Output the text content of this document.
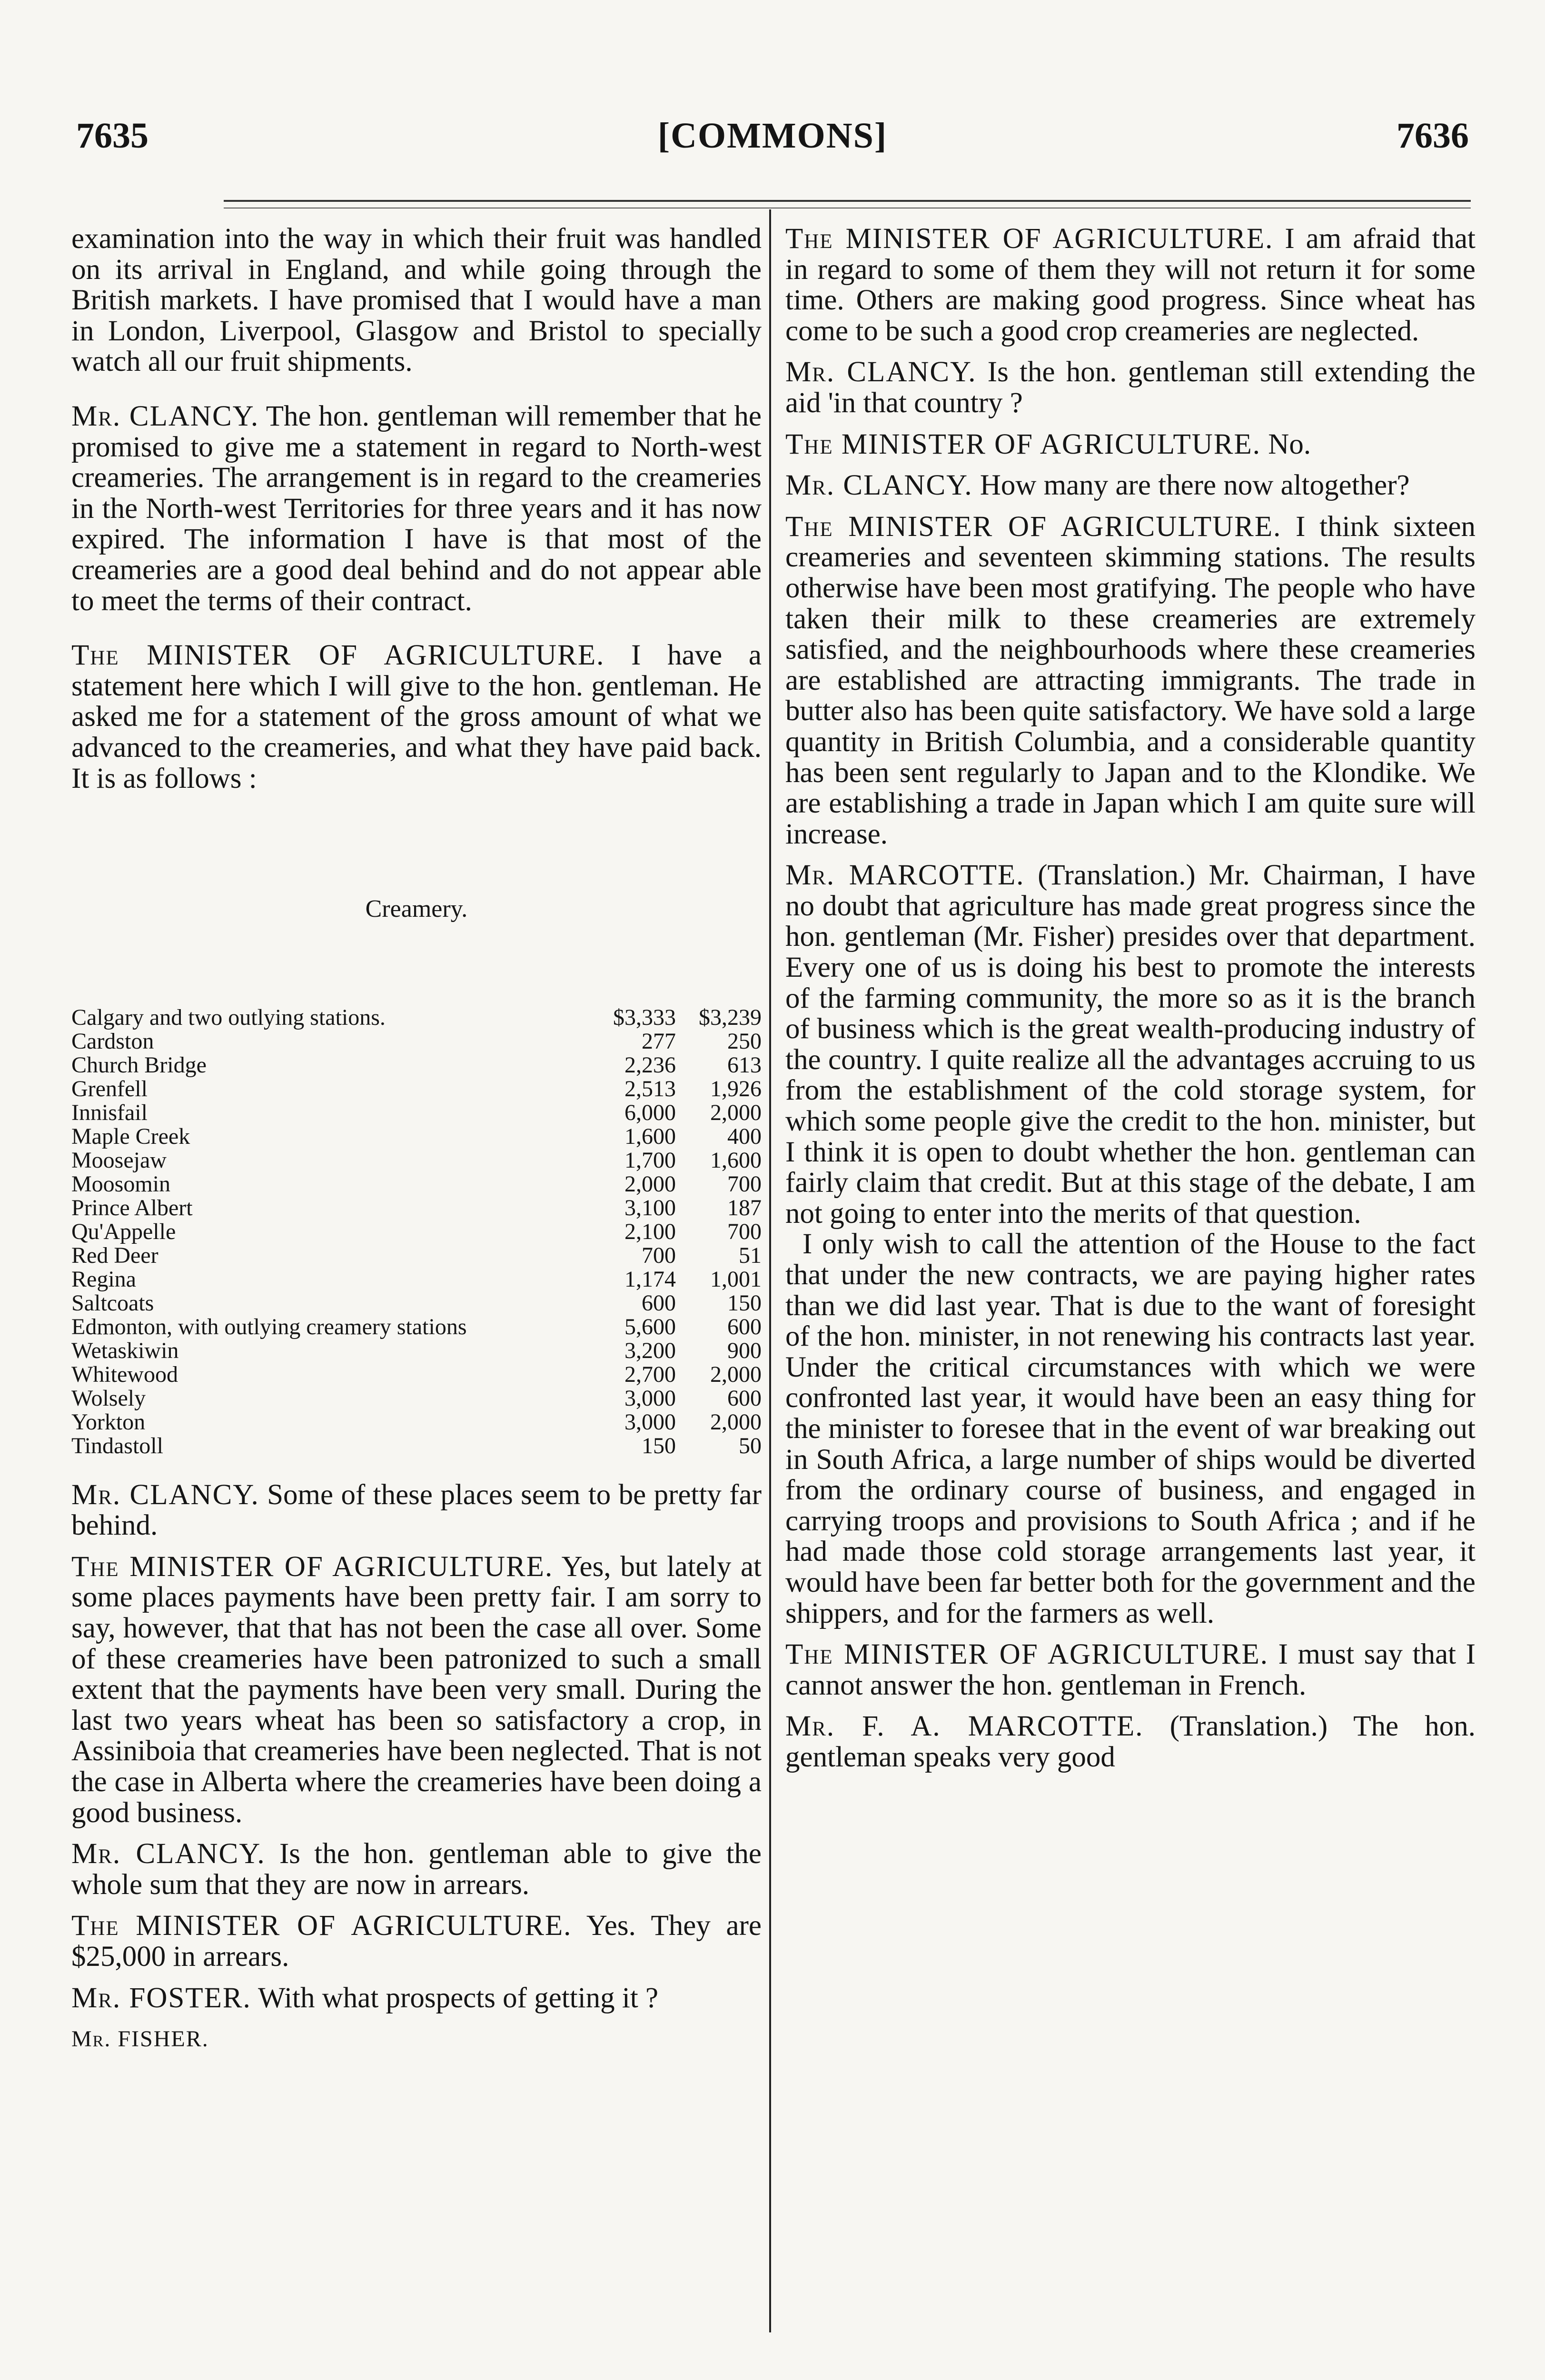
7635	[COMMONS]	7636

examination into the way in which their fruit was handled on its arrival in England, and while going through the British markets. I have promised that I would have a man in London, Liverpool, Glasgow and Bristol to specially watch all our fruit shipments.

Mr. CLANCY. The hon. gentleman will remember that he promised to give me a statement in regard to North-west creameries. The arrangement is in regard to the creameries in the North-west Territories for three years and it has now expired. The information I have is that most of the creameries are a good deal behind and do not appear able to meet the terms of their contract.

The MINISTER OF AGRICULTURE. I have a statement here which I will give to the hon. gentleman. He asked me for a statement of the gross amount of what we advanced to the creameries, and what they have paid back. It is as follows :

Creamery.
Calgary and two outlying stations.	$3,333	$3,239
Cardston	277	250
Church Bridge	2,236	613
Grenfell	2,513	1,926
Innisfail	6,000	2,000
Maple Creek	1,600	400
Moosejaw	1,700	1,600
Moosomin	2,000	700
Prince Albert	3,100	187
Qu'Appelle	2,100	700
Red Deer	700	51
Regina	1,174	1,001
Saltcoats	600	150
Edmonton, with outlying creamery stations	5,600	600
Wetaskiwin	3,200	900
Whitewood	2,700	2,000
Wolsely	3,000	600
Yorkton	3,000	2,000
Tindastoll	150	50

Mr. CLANCY. Some of these places seem to be pretty far behind.

The MINISTER OF AGRICULTURE. Yes, but lately at some places payments have been pretty fair. I am sorry to say, however, that that has not been the case all over. Some of these creameries have been patronized to such a small extent that the payments have been very small. During the last two years wheat has been so satisfactory a crop, in Assiniboia that creameries have been neglected. That is not the case in Alberta where the creameries have been doing a good business.

Mr. CLANCY. Is the hon. gentleman able to give the whole sum that they are now in arrears.

The MINISTER OF AGRICULTURE. Yes. They are $25,000 in arrears.

Mr. FOSTER. With what prospects of getting it ?

Mr. FISHER.

The MINISTER OF AGRICULTURE. I am afraid that in regard to some of them they will not return it for some time. Others are making good progress. Since wheat has come to be such a good crop creameries are neglected.

Mr. CLANCY. Is the hon. gentleman still extending the aid 'in that country ?

The MINISTER OF AGRICULTURE. No.

Mr. CLANCY. How many are there now altogether?

The MINISTER OF AGRICULTURE. I think sixteen creameries and seventeen skimming stations. The results otherwise have been most gratifying. The people who have taken their milk to these creameries are extremely satisfied, and the neighbourhoods where these creameries are established are attracting immigrants. The trade in butter also has been quite satisfactory. We have sold a large quantity in British Columbia, and a considerable quantity has been sent regularly to Japan and to the Klondike. We are establishing a trade in Japan which I am quite sure will increase.

Mr. MARCOTTE. (Translation.) Mr. Chairman, I have no doubt that agriculture has made great progress since the hon. gentleman (Mr. Fisher) presides over that department. Every one of us is doing his best to promote the interests of the farming community, the more so as it is the branch of business which is the great wealth-producing industry of the country. I quite realize all the advantages accruing to us from the establishment of the cold storage system, for which some people give the credit to the hon. minister, but I think it is open to doubt whether the hon. gentleman can fairly claim that credit. But at this stage of the debate, I am not going to enter into the merits of that question.

I only wish to call the attention of the House to the fact that under the new contracts, we are paying higher rates than we did last year. That is due to the want of foresight of the hon. minister, in not renewing his contracts last year. Under the critical circumstances with which we were confronted last year, it would have been an easy thing for the minister to foresee that in the event of war breaking out in South Africa, a large number of ships would be diverted from the ordinary course of business, and engaged in carrying troops and provisions to South Africa ; and if he had made those cold storage arrangements last year, it would have been far better both for the government and the shippers, and for the farmers as well.

The MINISTER OF AGRICULTURE. I must say that I cannot answer the hon. gentleman in French.

Mr. F. A. MARCOTTE. (Translation.) The hon. gentleman speaks very good
